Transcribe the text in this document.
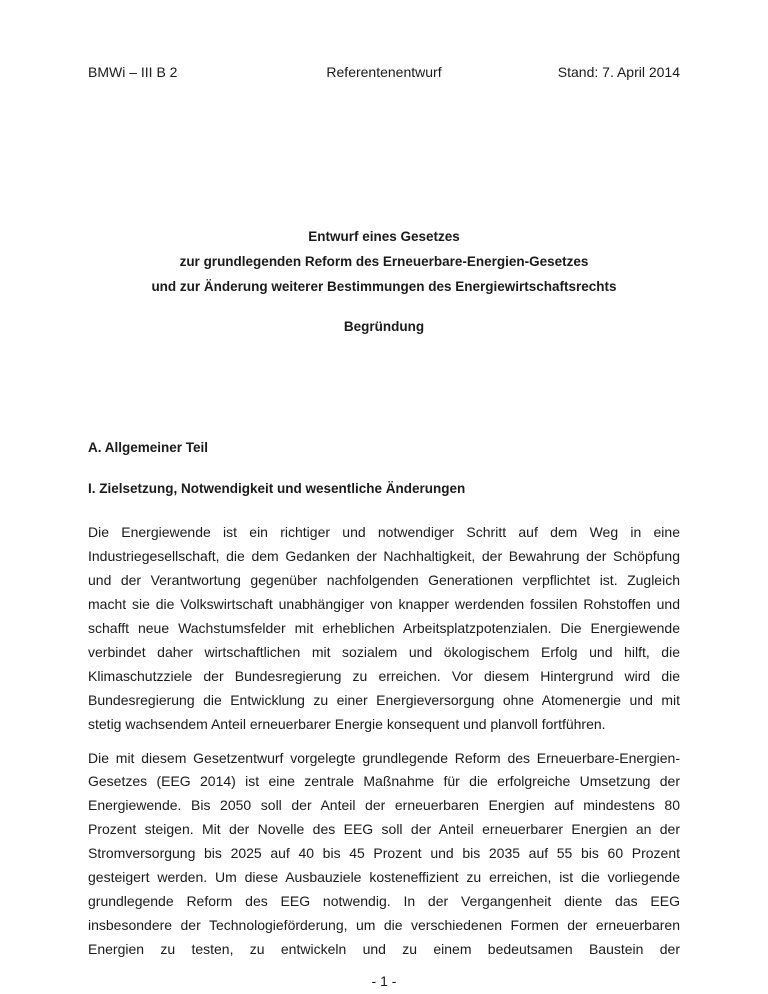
BMWi – III B 2	Referentenentwurf	Stand: 7. April 2014
Entwurf eines Gesetzes
zur grundlegenden Reform des Erneuerbare-Energien-Gesetzes
und zur Änderung weiterer Bestimmungen des Energiewirtschaftsrechts
Begründung
A. Allgemeiner Teil
I. Zielsetzung, Notwendigkeit und wesentliche Änderungen
Die Energiewende ist ein richtiger und notwendiger Schritt auf dem Weg in eine
Industriegesellschaft, die dem Gedanken der Nachhaltigkeit, der Bewahrung der Schöpfung
und der Verantwortung gegenüber nachfolgenden Generationen verpflichtet ist. Zugleich
macht sie die Volkswirtschaft unabhängiger von knapper werdenden fossilen Rohstoffen und
schafft neue Wachstumsfelder mit erheblichen Arbeitsplatzpotenzialen. Die Energiewende
verbindet daher wirtschaftlichen mit sozialem und ökologischem Erfolg und hilft, die
Klimaschutzziele der Bundesregierung zu erreichen. Vor diesem Hintergrund wird die
Bundesregierung die Entwicklung zu einer Energieversorgung ohne Atomenergie und mit
stetig wachsendem Anteil erneuerbarer Energie konsequent und planvoll fortführen.
Die mit diesem Gesetzentwurf vorgelegte grundlegende Reform des Erneuerbare-Energien-
Gesetzes (EEG 2014) ist eine zentrale Maßnahme für die erfolgreiche Umsetzung der
Energiewende. Bis 2050 soll der Anteil der erneuerbaren Energien auf mindestens 80
Prozent steigen. Mit der Novelle des EEG soll der Anteil erneuerbarer Energien an der
Stromversorgung bis 2025 auf 40 bis 45 Prozent und bis 2035 auf 55 bis 60 Prozent
gesteigert werden. Um diese Ausbauziele kosteneffizient zu erreichen, ist die vorliegende
grundlegende Reform des EEG notwendig. In der Vergangenheit diente das EEG
insbesondere der Technologieförderung, um die verschiedenen Formen der erneuerbaren
Energien zu testen, zu entwickeln und zu einem bedeutsamen Baustein der
- 1 -
